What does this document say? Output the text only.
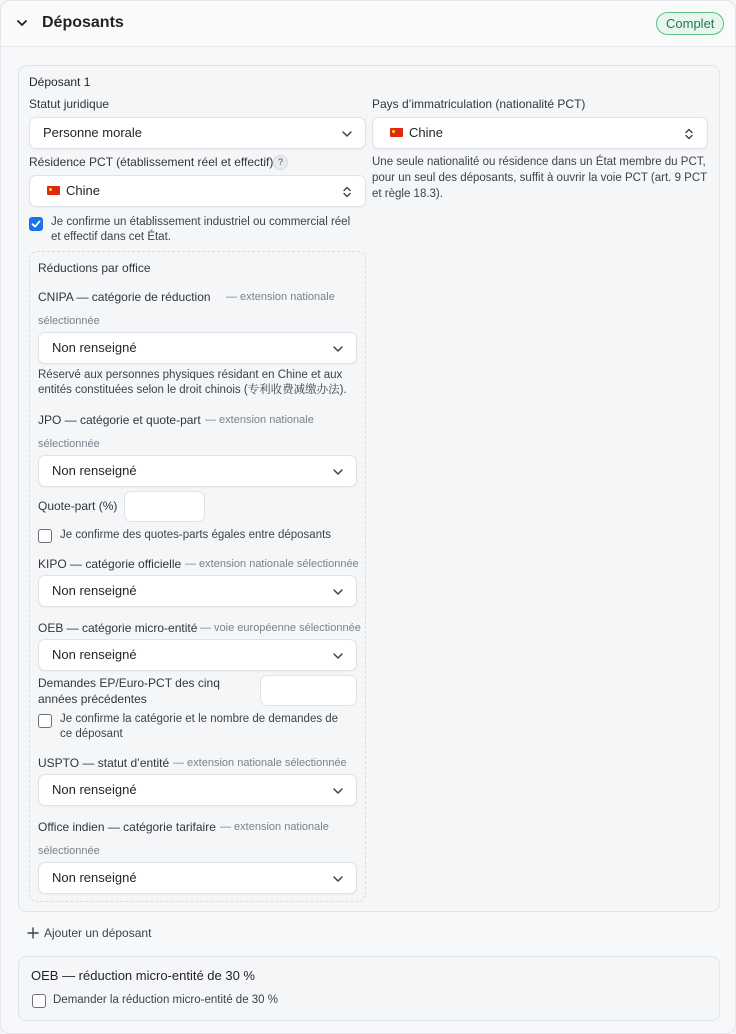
Déposants	Complet
Déposant 1
Statut juridique
Personne morale
Pays d’immatriculation (nationalité PCT)
Chine
Une seule nationalité ou résidence dans un État membre du PCT, pour un seul des déposants, suffit à ouvrir la voie PCT (art. 9 PCT et règle 18.3).
Résidence PCT (établissement réel et effectif) ?
Chine
Je confirme un établissement industriel ou commercial réel
et effectif dans cet État.
Réductions par office
CNIPA — catégorie de réduction — extension nationale
sélectionnée
Non renseigné
Réservé aux personnes physiques résidant en Chine et aux
entités constituées selon le droit chinois (专利收费减缴办法).
JPO — catégorie et quote-part — extension nationale
sélectionnée
Non renseigné
Quote-part (%)
Je confirme des quotes-parts égales entre déposants
KIPO — catégorie officielle — extension nationale sélectionnée
Non renseigné
OEB — catégorie micro-entité — voie européenne sélectionnée
Non renseigné
Demandes EP/Euro-PCT des cinq
années précédentes
Je confirme la catégorie et le nombre de demandes de
ce déposant
USPTO — statut d’entité — extension nationale sélectionnée
Non renseigné
Office indien — catégorie tarifaire — extension nationale
sélectionnée
Non renseigné
Ajouter un déposant
OEB — réduction micro-entité de 30 %
Demander la réduction micro-entité de 30 %
